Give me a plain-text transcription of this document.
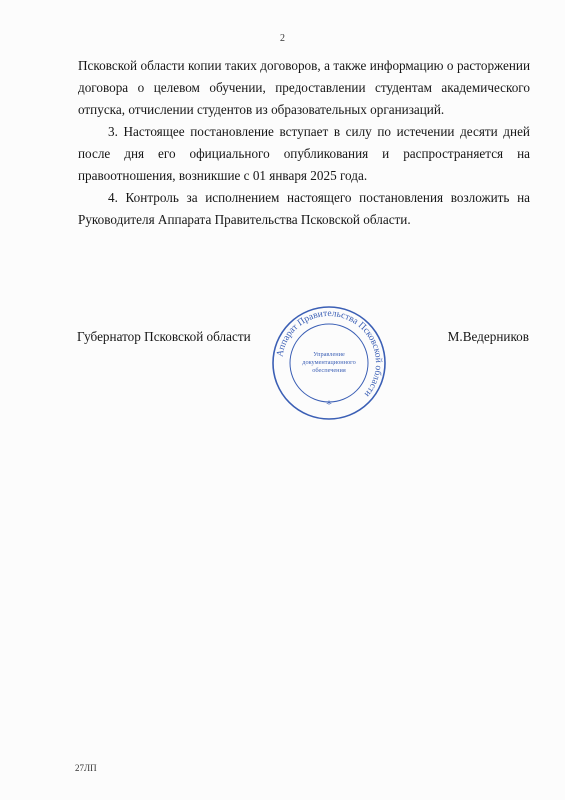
2

Псковской области копии таких договоров, а также информацию о расторжении договора о целевом обучении, предоставлении студентам академического отпуска, отчислении студентов из образовательных организаций.

3. Настоящее постановление вступает в силу по истечении десяти дней после дня его официального опубликования и распространяется на правоотношения, возникшие с 01 января 2025 года.

4. Контроль за исполнением настоящего постановления возложить на Руководителя Аппарата Правительства Псковской области.

Губернатор Псковской области
Аппарат Правительства Псковской области
Управление
документационного
обеспечения
*
М.Ведерников
27ЛП
